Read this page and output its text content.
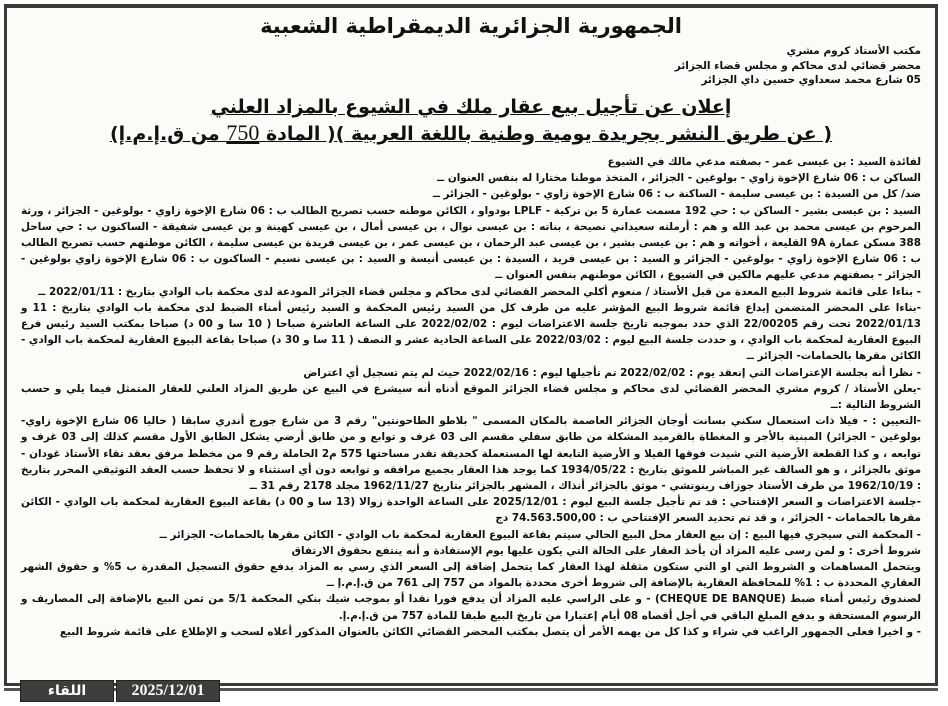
الجمهورية الجزائرية الديمقراطية الشعبية
مكتب الأستاذ كروم مشري
محضر قضائي لدى محاكم و مجلس قضاء الجزائر
05 شارع محمد سعداوي حسين داي الجزائر
إعلان عن تأجيل بيع عقار ملك في الشيوع بالمزاد العلني
( عن طريق النشر بجريدة يومية وطنية باللغة العربية )( المادة 750 من ق.إ.م.إ)

لفائدة السيد : بن عيسى عمر - بصفته مدعي مالك في الشيوع

الساكن ب : 06 شارع الإخوة زاوي - بولوغين - الجزائر ، المتخذ موطنا مختارا له بنفس العنوان ــ

ضد/ كل من السيدة : بن عيسى سليمة - الساكنة ب : 06 شارع الإخوة زاوي - بولوغين - الجزائر ــ

السيد : بن عيسى بشير - الساكن ب : حي 192 مسمت عمارة 5 بن تركية - LPLF بودواو ، الكائن موطنه حسب تصريح الطالب ب : 06 شارع الإخوة زاوي - بولوغين - الجزائر ، ورثة المرحوم بن عيسى محمد بن عبد الله و هم : أرملته سعيداني نصيحة ، بناته : بن عيسى نوال ، بن عيسى أمال ، بن عيسى كهينة و بن عيسى شفيقة - الساكنون ب : حي ساحل 388 مسكن عمارة 9A القليعة ، أخواته و هم : بن عيسى بشير ، بن عيسى عبد الرحمان ، بن عيسى عمر ، بن عيسى فريدة بن عيسى سليمة ، الكائن موطنهم حسب تصريح الطالب ب : 06 شارع الإخوة زاوي - بولوغين - الجزائر و السيد : بن عيسى فريد ، السيدة : بن عيسى أنيسة و السيد : بن عيسى نسيم - الساكنون ب : 06 شارع الإخوة زاوي بولوغين - الجزائر - بصفتهم مدعي عليهم مالكين في الشيوع ، الكائن موطنهم بنفس العنوان ــ

- بناءا على قائمة شروط البيع المعدة من قبل الأستاذ / منعوم أكلي المحضر القضائي لدى محاكم و مجلس قضاء الجزائر المودعة لدى محكمة باب الوادي بتاريخ : 2022/01/11 ــ

-بناءا على المحضر المتضمن إيداع قائمة شروط البيع المؤشر عليه من طرف كل من السيد رئيس المحكمة و السيد رئيس أمناء الضبط لدى محكمة باب الوادي بتاريخ : 11 و 2022/01/13 تحت رقم 22/00205 الذي حدد بموجبه تاريخ جلسة الاعتراضات ليوم : 2022/02/02 على الساعة العاشرة صباحا ( 10 سا و 00 د) صباحا بمكتب السيد رئيس فرع البيوع العقارية لمحكمة باب الوادي ، و حددت جلسة البيع ليوم : 2022/03/02 على الساعة الحادية عشر و النصف ( 11 سا و 30 د) صباحا بقاعة البيوع العقارية لمحكمة باب الوادي - الكائن مقرها بالحمامات- الجزائر ــ

- نظرا أنه بجلسة الإعتراضات التي إنعقد يوم : 2022/02/02 تم تأجيلها ليوم : 2022/02/16 حيث لم يتم تسجيل أي اعتراض

-يعلن الأستاذ / كروم مشري المحضر القضائي لدى محاكم و مجلس قضاء الجزائر الموقع أدناه أنه سيشرع في البيع عن طريق المزاد العلني للعقار المتمثل فيما يلي و حسب الشروط التالية :ــ

-التعيين : - فيلا ذات استعمال سكني بسانت أوجان الجزائر العاصمة بالمكان المسمى " بلاطو الطاحونتين" رقم 3 من شارع جورج أندري سابقا ( حاليا 06 شارع الإخوة زاوي- بولوغين - الجزائر) المبنية بالأجر و المغطاة بالقرميد المشكلة من طابق سفلي مقسم الى 03 غرف و توابع و من طابق أرضي يشكل الطابق الأول مقسم كذلك إلى 03 غرف و توابعه ، و كذا القطعة الأرضية التي شيدت فوقها الفيلا و الأرضية التابعة لها المستعملة كحديقة تقدر مساحتها 575 م2 الحاملة رقم 9 من مخطط مرفق بعقد تقاء الأستاذ غودان - موثق بالجزائر ، و هو السالف غير المباشر للموثق بتاريخ : 1934/05/22 كما يوجد هذا العقار بجميع مرافقه و توابعه دون أي استثناء و لا تحفظ حسب العقد التوثيقي المحرر بتاريخ : 1962/10/19 من طرف الأستاذ جوزاف رينوتشي - موثق بالجزائر أنذاك ، المشهر بالجزائر بتاريخ 1962/11/27 مجلد 2178 رقم 31 ــ

-جلسة الاعتراضات و السعر الإفتتاحي : قد تم تأجيل جلسة البيع ليوم : 2025/12/01 على الساعة الواحدة زوالا (13 سا و 00 د) بقاعة البيوع العقارية لمحكمة باب الوادي - الكائن مقرها بالحمامات - الجزائر ، و قد تم تحديد السعر الإفتتاحي ب : 74.563.500,00 دج

- المحكمة التي سيجري فيها البيع : إن بيع العقار محل البيع الحالي سيتم بقاعة البيوع العقارية لمحكمة باب الوادي - الكائن مقرها بالحمامات- الجزائر ــ

شروط أخرى : و لمن رسى عليه المزاد أن يأخذ العقار على الحالة التي يكون عليها يوم الإستفادة و أنه ينتفع بحقوق الارتفاق

ويتحمل المساهمات و الشروط التي او التي ستكون مثقلة لهذا العقار كما يتحمل إضافة إلى السعر الذي رسي به المزاد بدفع حقوق التسجيل المقدرة ب 5% و حقوق الشهر العقاري المحددة ب : 1% للمحافظة العقارية بالإضافة إلى شروط أخرى محددة بالمواد من 757 إلى 761 من ق.إ.م.إ ــ

لصندوق رئيس أمناء ضبط (CHEQUE DE BANQUE) - و على الراسي عليه المزاد أن يدفع فورا نقدا أو بموجب شيك بنكي المحكمة 5/1 من ثمن البيع بالإضافة إلى المصاريف و الرسوم المستحقة و بدفع المبلغ الباقي في أجل أقصاه 08 أيام إعتبارا من تاريخ البيع طبقا للمادة 757 من ق.إ.م.إ.

- و اخيرا فعلى الجمهور الراغب في شراء و كذا كل من يهمه الأمر أن يتصل بمكتب المحضر القضائي الكائن بالعنوان المذكور أعلاه لسحب و الإطلاع على قائمة شروط البيع

2025/12/01
اللقاء
